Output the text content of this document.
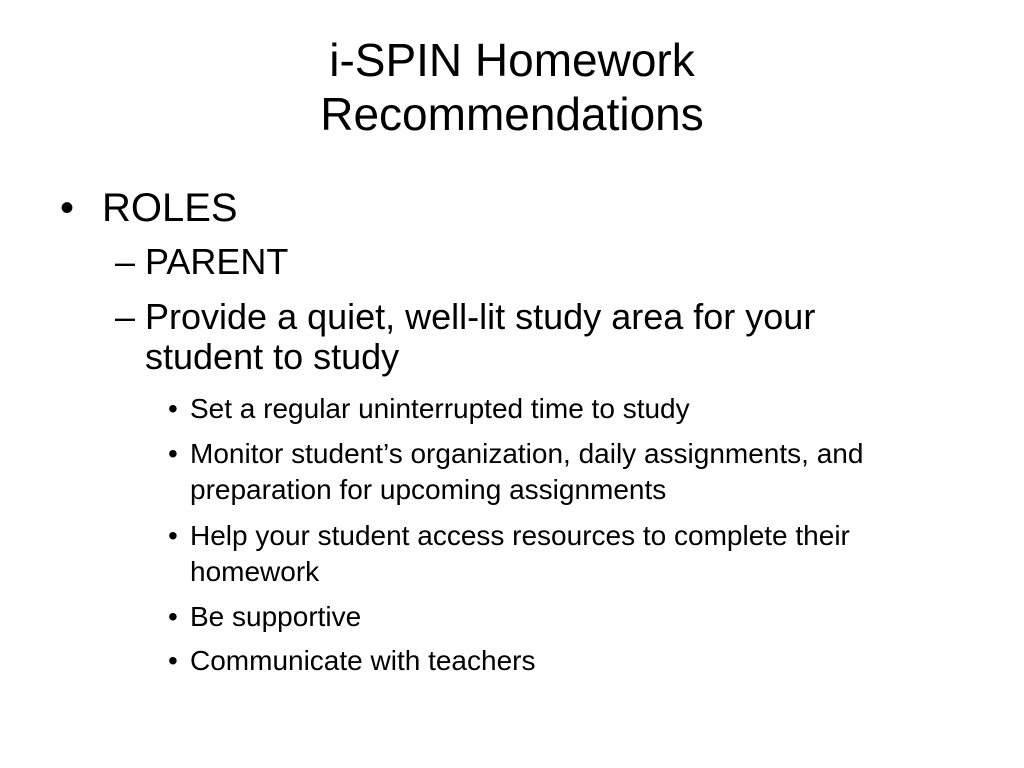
i-SPIN Homework
Recommendations
• ROLES
– PARENT
– Provide a quiet, well-lit study area for your student to study
• Set a regular uninterrupted time to study
• Monitor student’s organization, daily assignments, and preparation for upcoming assignments
• Help your student access resources to complete their homework
• Be supportive
• Communicate with teachers
